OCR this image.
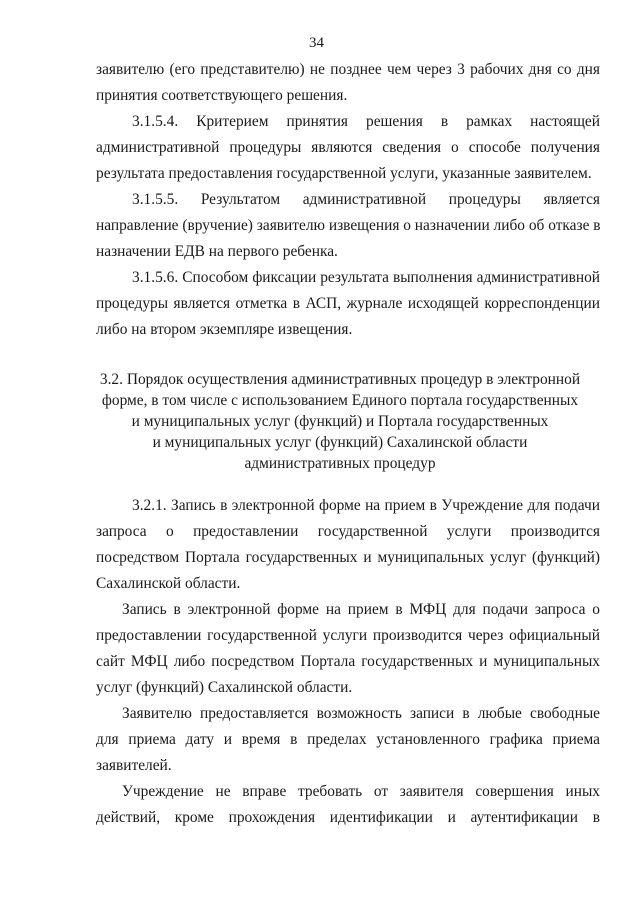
34
заявителю (его представителю) не позднее чем через 3 рабочих дня со дня
принятия соответствующего решения.
3.1.5.4. Критерием принятия решения в рамках настоящей
административной процедуры являются сведения о способе получения
результата предоставления государственной услуги, указанные заявителем.
3.1.5.5. Результатом административной процедуры является
направление (вручение) заявителю извещения о назначении либо об отказе в
назначении ЕДВ на первого ребенка.
3.1.5.6. Способом фиксации результата выполнения административной
процедуры является отметка в АСП, журнале исходящей корреспонденции
либо на втором экземпляре извещения.
3.2. Порядок осуществления административных процедур в электронной
форме, в том числе с использованием Единого портала государственных
и муниципальных услуг (функций) и Портала государственных
и муниципальных услуг (функций) Сахалинской области
административных процедур
3.2.1. Запись в электронной форме на прием в Учреждение для подачи
запроса о предоставлении государственной услуги производится
посредством Портала государственных и муниципальных услуг (функций)
Сахалинской области.
Запись в электронной форме на прием в МФЦ для подачи запроса о
предоставлении государственной услуги производится через официальный
сайт МФЦ либо посредством Портала государственных и муниципальных
услуг (функций) Сахалинской области.
Заявителю предоставляется возможность записи в любые свободные
для приема дату и время в пределах установленного графика приема
заявителей.
Учреждение не вправе требовать от заявителя совершения иных
действий, кроме прохождения идентификации и аутентификации в
